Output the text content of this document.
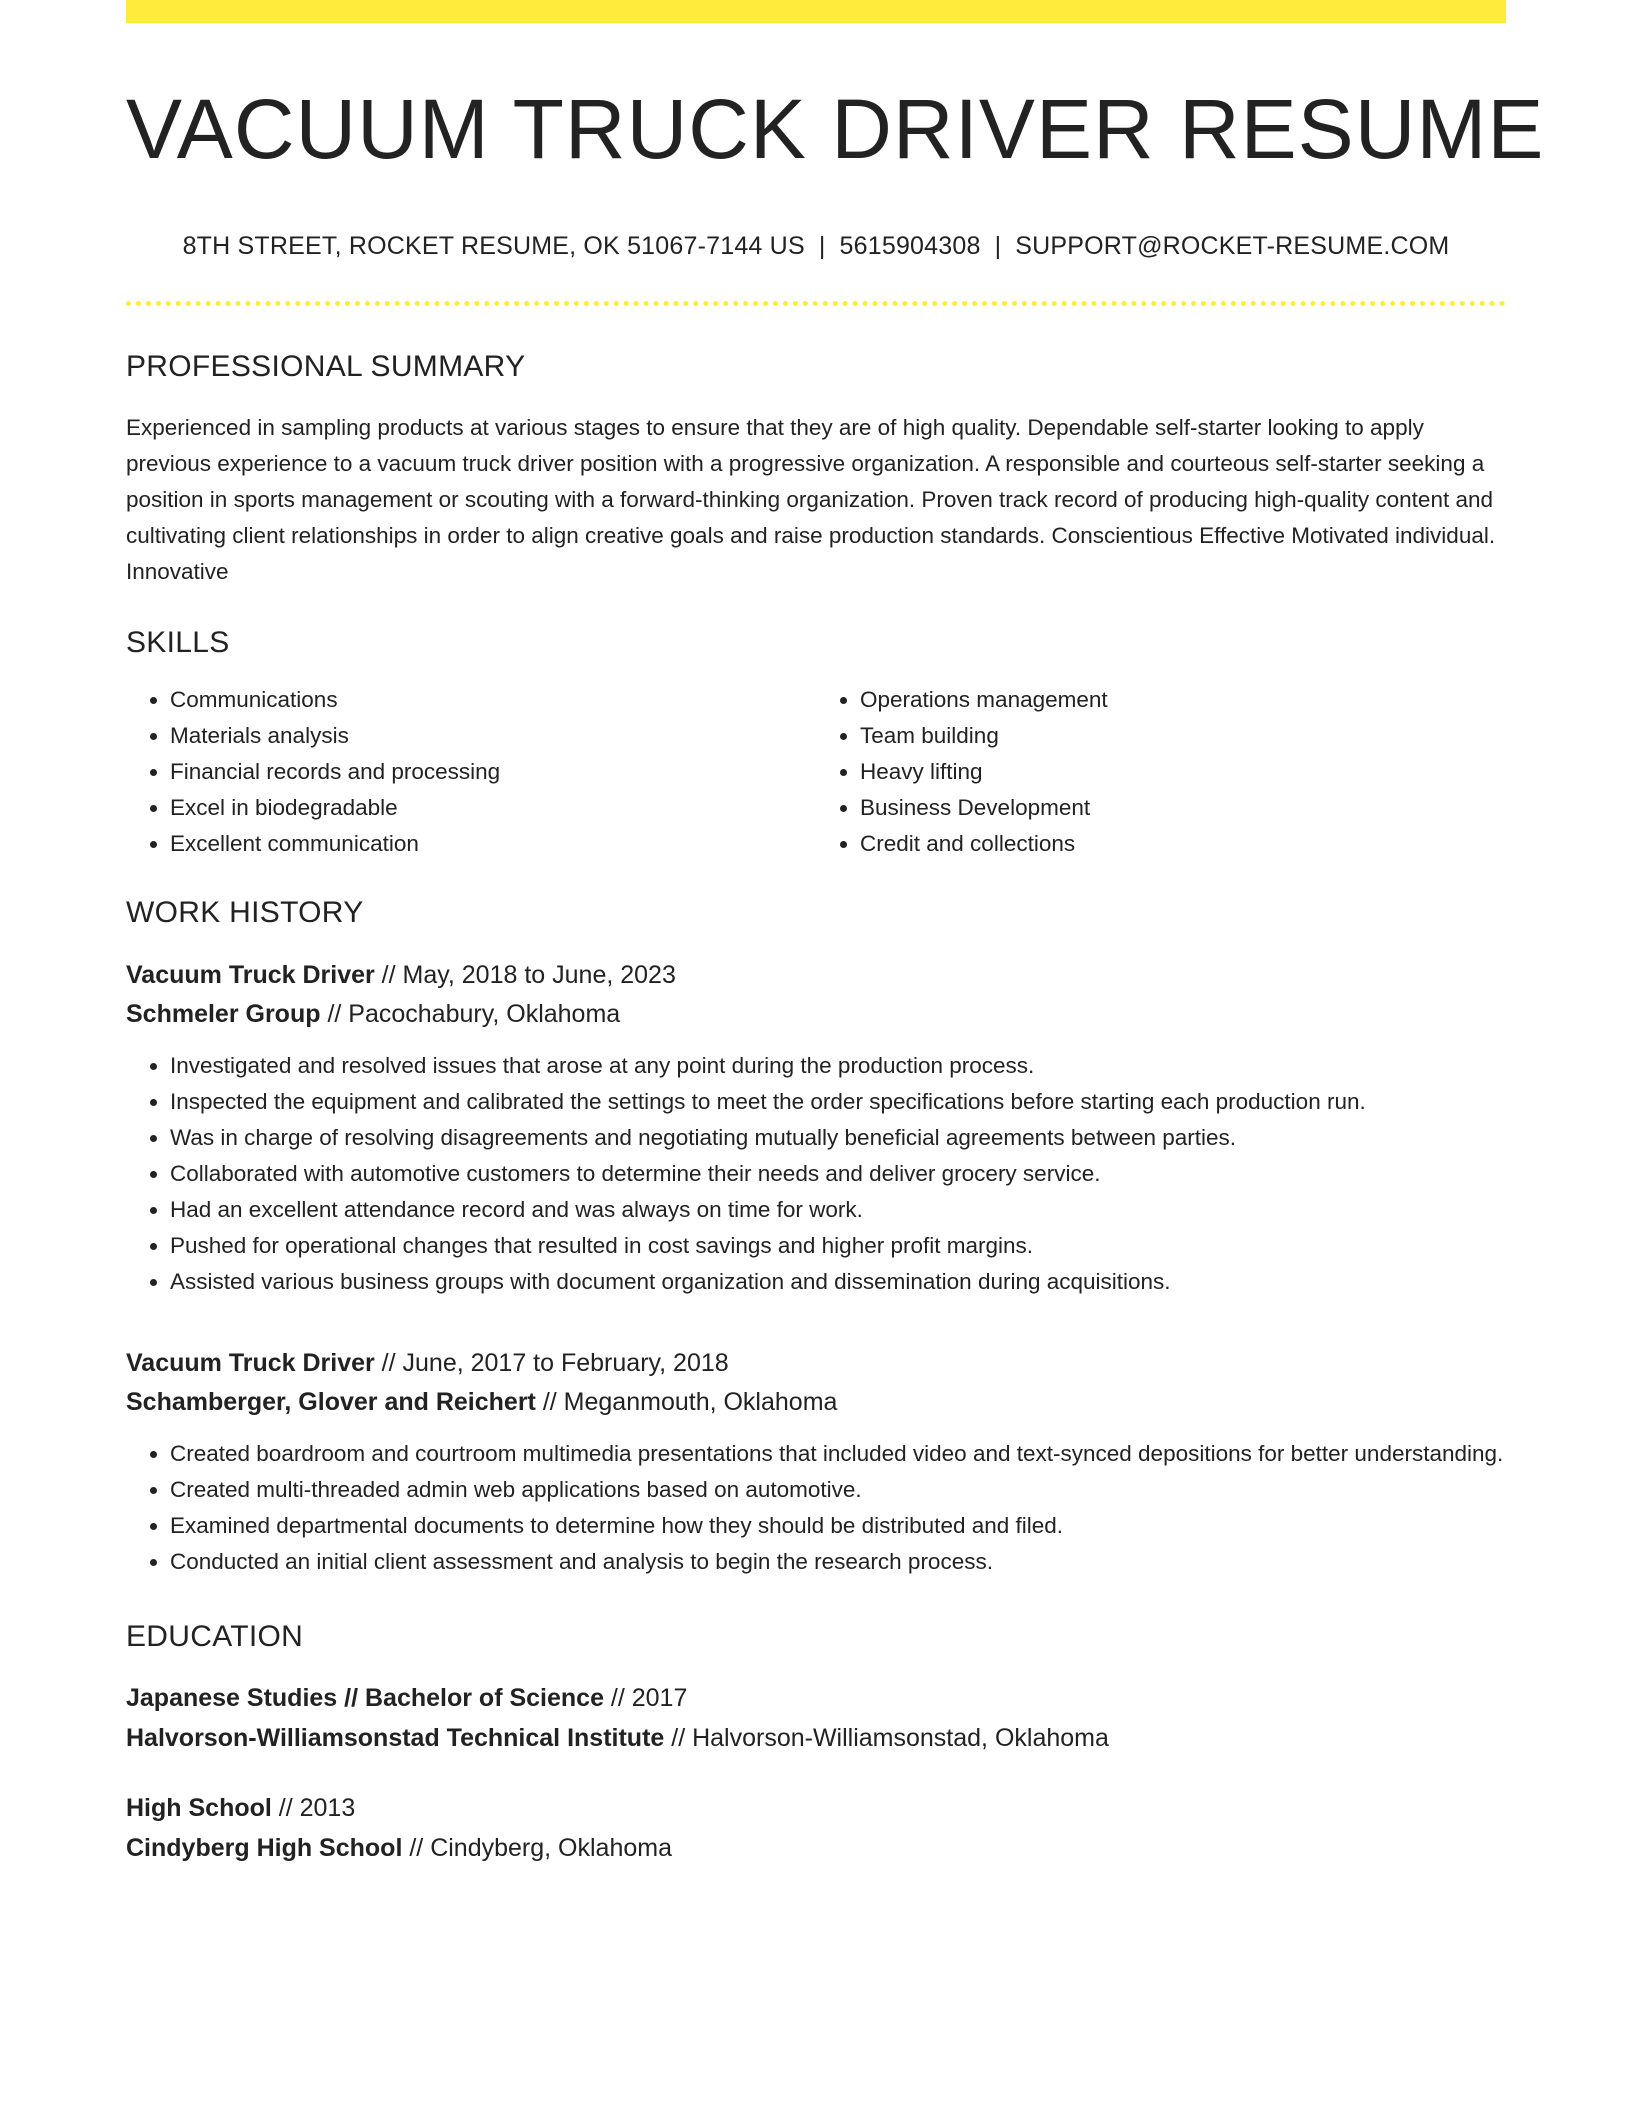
VACUUM TRUCK DRIVER RESUME
8TH STREET, ROCKET RESUME, OK 51067-7144 US | 5615904308 | SUPPORT@ROCKET-RESUME.COM
PROFESSIONAL SUMMARY

Experienced in sampling products at various stages to ensure that they are of high quality. Dependable self-starter looking to apply previous experience to a vacuum truck driver position with a progressive organization. A responsible and courteous self-starter seeking a position in sports management or scouting with a forward-thinking organization. Proven track record of producing high-quality content and cultivating client relationships in order to align creative goals and raise production standards. Conscientious Effective Motivated individual. Innovative

SKILLS
• Communications
• Materials analysis
• Financial records and processing
• Excel in biodegradable
• Excellent communication
• Operations management
• Team building
• Heavy lifting
• Business Development
• Credit and collections
WORK HISTORY
Vacuum Truck Driver // May, 2018 to June, 2023
Schmeler Group // Pacochabury, Oklahoma
• Investigated and resolved issues that arose at any point during the production process.
• Inspected the equipment and calibrated the settings to meet the order specifications before starting each production run.
• Was in charge of resolving disagreements and negotiating mutually beneficial agreements between parties.
• Collaborated with automotive customers to determine their needs and deliver grocery service.
• Had an excellent attendance record and was always on time for work.
• Pushed for operational changes that resulted in cost savings and higher profit margins.
• Assisted various business groups with document organization and dissemination during acquisitions.
Vacuum Truck Driver // June, 2017 to February, 2018
Schamberger, Glover and Reichert // Meganmouth, Oklahoma
• Created boardroom and courtroom multimedia presentations that included video and text-synced depositions for better understanding.
• Created multi-threaded admin web applications based on automotive.
• Examined departmental documents to determine how they should be distributed and filed.
• Conducted an initial client assessment and analysis to begin the research process.
EDUCATION
Japanese Studies // Bachelor of Science // 2017
Halvorson-Williamsonstad Technical Institute // Halvorson-Williamsonstad, Oklahoma
High School // 2013
Cindyberg High School // Cindyberg, Oklahoma
